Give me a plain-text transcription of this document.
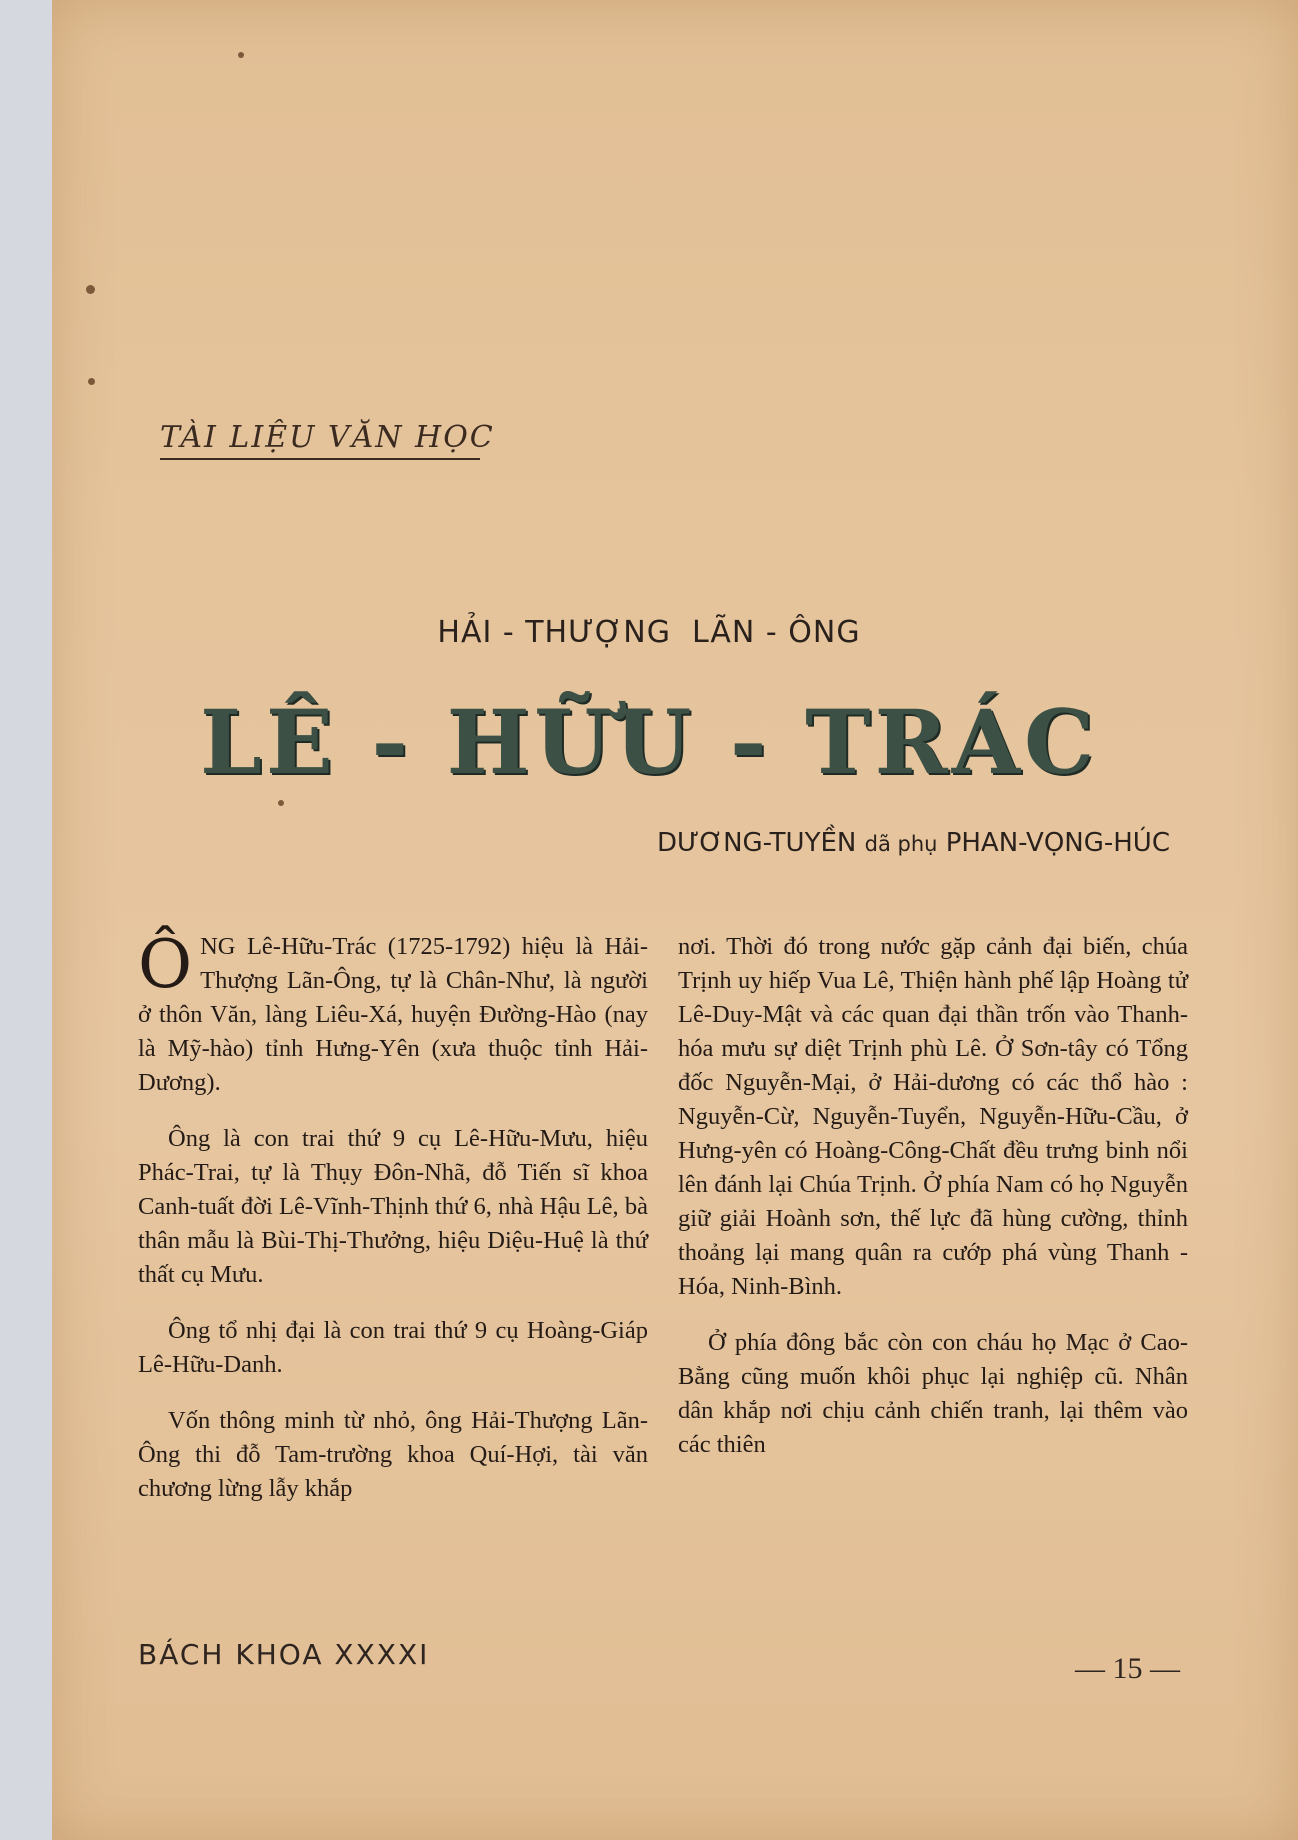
TÀI LIỆU VĂN HỌC
HẢI - THƯỢNG  LÃN - ÔNG
LÊ - HỮU - TRÁC
DƯƠNG-TUYỀN dã phụ PHAN-VỌNG-HÚC

ÔNG Lê-Hữu-Trác (1725-1792) hiệu là Hải-Thượng Lãn-Ông, tự là Chân-Như, là người ở thôn Văn, làng Liêu-Xá, huyện Đường-Hào (nay là Mỹ-hào) tỉnh Hưng-Yên (xưa thuộc tỉnh Hải-Dương).

Ông là con trai thứ 9 cụ Lê-Hữu-Mưu, hiệu Phác-Trai, tự là Thụy Đôn-Nhã, đỗ Tiến sĩ khoa Canh-tuất đời Lê-Vĩnh-Thịnh thứ 6, nhà Hậu Lê, bà thân mẫu là Bùi-Thị-Thưởng, hiệu Diệu-Huệ là thứ thất cụ Mưu.

Ông tổ nhị đại là con trai thứ 9 cụ Hoàng-Giáp Lê-Hữu-Danh.

Vốn thông minh từ nhỏ, ông Hải-Thượng Lãn-Ông thi đỗ Tam-trường khoa Quí-Hợi, tài văn chương lừng lẫy khắp

nơi. Thời đó trong nước gặp cảnh đại biến, chúa Trịnh uy hiếp Vua Lê, Thiện hành phế lập Hoàng tử Lê-Duy-Mật và các quan đại thần trốn vào Thanh-hóa mưu sự diệt Trịnh phù Lê. Ở Sơn-tây có Tổng đốc Nguyễn-Mại, ở Hải-dương có các thổ hào : Nguyễn-Cừ, Nguyễn-Tuyển, Nguyễn-Hữu-Cầu, ở Hưng-yên có Hoàng-Công-Chất đều trưng binh nổi lên đánh lại Chúa Trịnh. Ở phía Nam có họ Nguyễn giữ giải Hoành sơn, thế lực đã hùng cường, thỉnh thoảng lại mang quân ra cướp phá vùng Thanh - Hóa, Ninh-Bình.

Ở phía đông bắc còn con cháu họ Mạc ở Cao-Bằng cũng muốn khôi phục lại nghiệp cũ. Nhân dân khắp nơi chịu cảnh chiến tranh, lại thêm vào các thiên

BÁCH KHOA XXXXI	— 15 —
